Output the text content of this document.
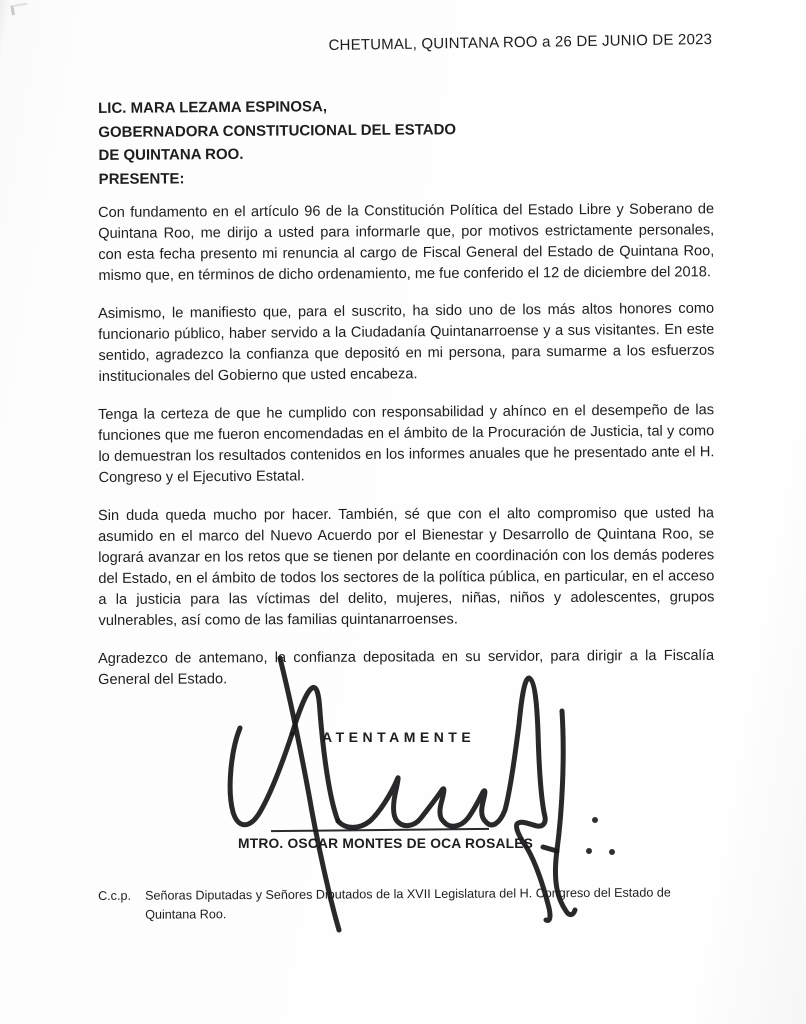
CHETUMAL, QUINTANA ROO a 26 DE JUNIO DE 2023
LIC. MARA LEZAMA ESPINOSA,
GOBERNADORA CONSTITUCIONAL DEL ESTADO
DE QUINTANA ROO.
PRESENTE:

Con fundamento en el artículo 96 de la Constitución Política del Estado Libre y Soberano de Quintana Roo, me dirijo a usted para informarle que, por motivos estrictamente personales, con esta fecha presento mi renuncia al cargo de Fiscal General del Estado de Quintana Roo, mismo que, en términos de dicho ordenamiento, me fue conferido el 12 de diciembre del 2018.

Asimismo, le manifiesto que, para el suscrito, ha sido uno de los más altos honores como funcionario público, haber servido a la Ciudadanía Quintanarroense y a sus visitantes. En este sentido, agradezco la confianza que depositó en mi persona, para sumarme a los esfuerzos institucionales del Gobierno que usted encabeza.

Tenga la certeza de que he cumplido con responsabilidad y ahínco en el desempeño de las funciones que me fueron encomendadas en el ámbito de la Procuración de Justicia, tal y como lo demuestran los resultados contenidos en los informes anuales que he presentado ante el H. Congreso y el Ejecutivo Estatal.

Sin duda queda mucho por hacer. También, sé que con el alto compromiso que usted ha asumido en el marco del Nuevo Acuerdo por el Bienestar y Desarrollo de Quintana Roo, se logrará avanzar en los retos que se tienen por delante en coordinación con los demás poderes del Estado, en el ámbito de todos los sectores de la política pública, en particular, en el acceso a la justicia para las víctimas del delito, mujeres, niñas, niños y adolescentes, grupos vulnerables, así como de las familias quintanarroenses.

Agradezco de antemano, la confianza depositada en su servidor, para dirigir a la Fiscalía General del Estado.

ATENTAMENTE
MTRO. OSCAR MONTES DE OCA ROSALES
C.c.p.	Señoras Diputadas y Señores Diputados de la XVII Legislatura del H. Congreso del Estado de Quintana Roo.
